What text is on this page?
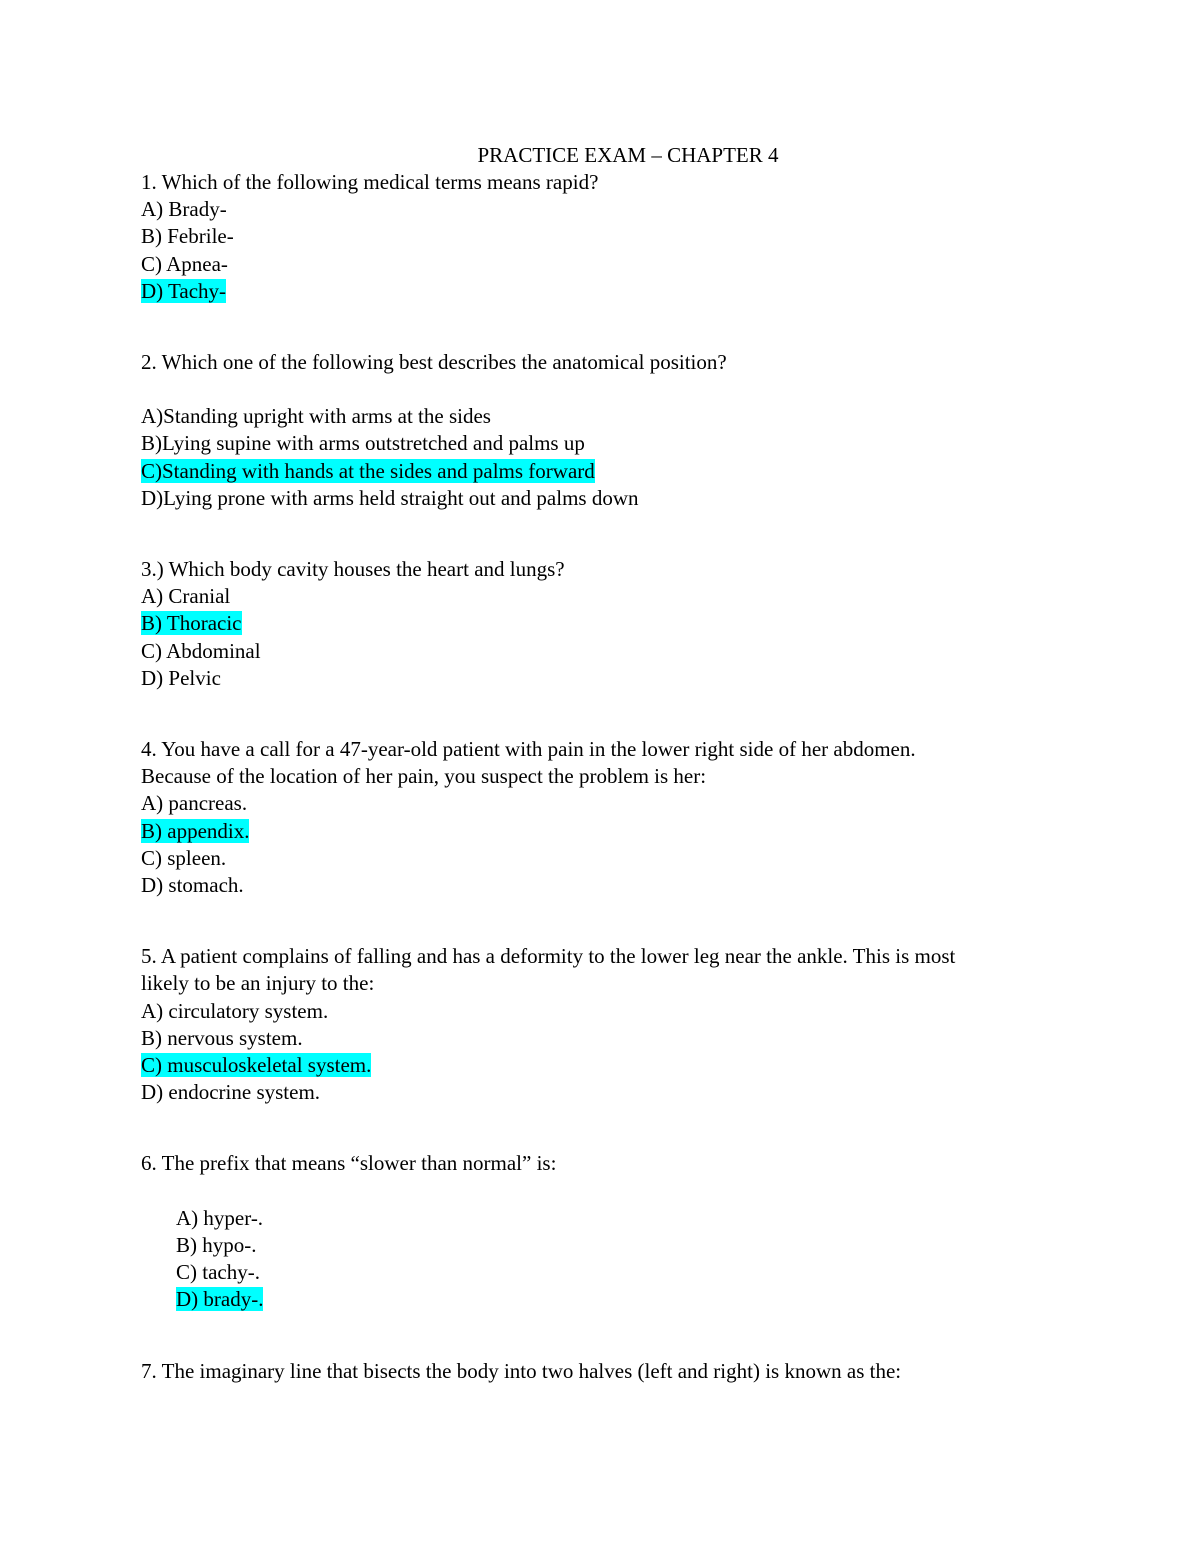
PRACTICE EXAM – CHAPTER 4
1. Which of the following medical terms means rapid?
A) Brady-
B) Febrile-
C) Apnea-
D) Tachy-
2. Which one of the following best describes the anatomical position?
A)Standing upright with arms at the sides
B)Lying supine with arms outstretched and palms up
C)Standing with hands at the sides and palms forward
D)Lying prone with arms held straight out and palms down
3.) Which body cavity houses the heart and lungs?
A) Cranial
B) Thoracic
C) Abdominal
D) Pelvic
4. You have a call for a 47-year-old patient with pain in the lower right side of her abdomen.
Because of the location of her pain, you suspect the problem is her:
A) pancreas.
B) appendix.
C) spleen.
D) stomach.
5. A patient complains of falling and has a deformity to the lower leg near the ankle. This is most
likely to be an injury to the:
A) circulatory system.
B) nervous system.
C) musculoskeletal system.
D) endocrine system.
6. The prefix that means “slower than normal” is:
A) hyper-.
B) hypo-.
C) tachy-.
D) brady-.
7. The imaginary line that bisects the body into two halves (left and right) is known as the:
